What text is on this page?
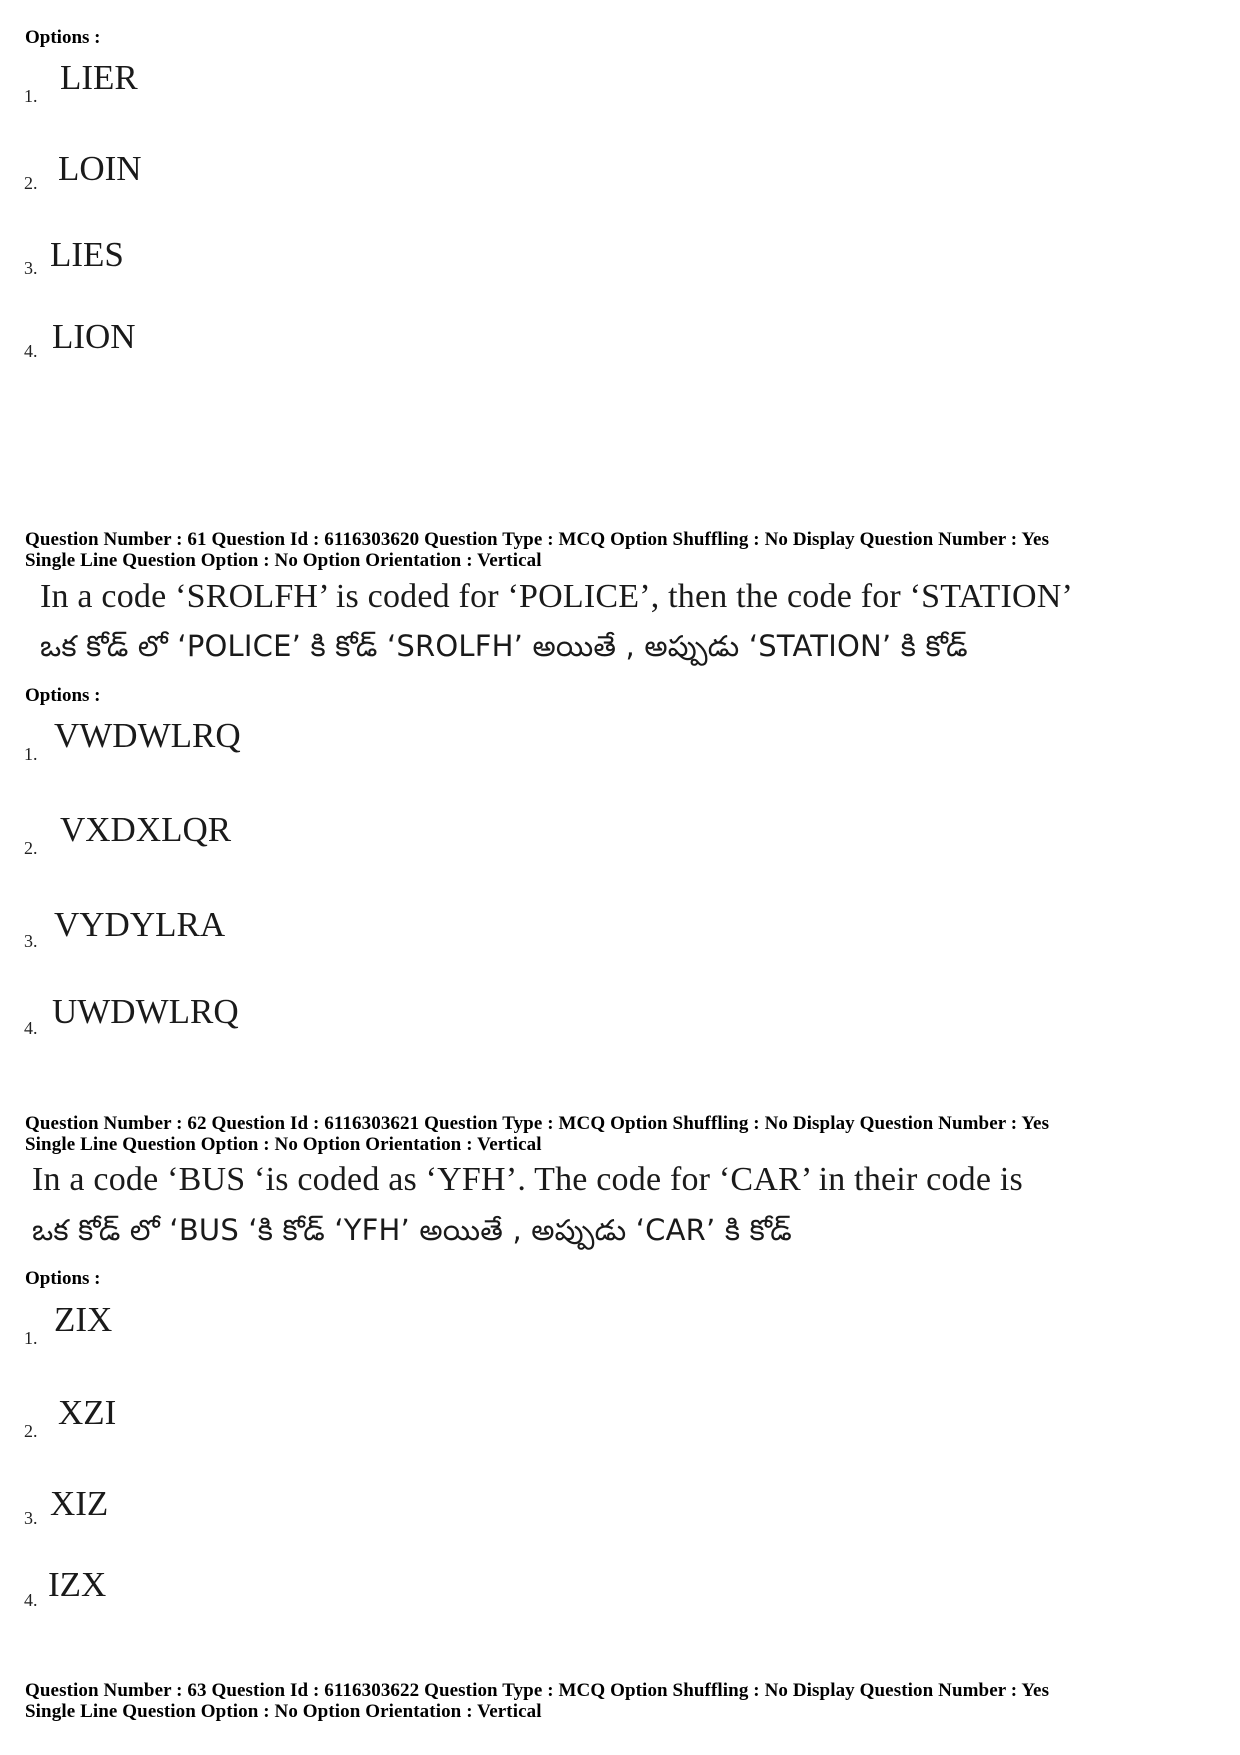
Options :
1. LIER
2. LOIN
3. LIES
4. LION
Question Number : 61 Question Id : 6116303620 Question Type : MCQ Option Shuffling : No Display Question Number : Yes
Single Line Question Option : No Option Orientation : Vertical
In a code ‘SROLFH’ is coded for ‘POLICE’, then the code for ‘STATION’
ఒక కోడ్ లో ‘POLICE’ కి కోడ్ ‘SROLFH’ అయితే , అప్పుడు ‘STATION’ కి కోడ్
Options :
1. VWDWLRQ
2. VXDXLQR
3. VYDYLRA
4. UWDWLRQ
Question Number : 62 Question Id : 6116303621 Question Type : MCQ Option Shuffling : No Display Question Number : Yes
Single Line Question Option : No Option Orientation : Vertical
In a code ‘BUS ‘is coded as ‘YFH’. The code for ‘CAR’ in their code is
ఒక కోడ్ లో ‘BUS ‘కి కోడ్ ‘YFH’ అయితే , అప్పుడు ‘CAR’ కి కోడ్
Options :
1. ZIX
2. XZI
3. XIZ
4. IZX
Question Number : 63 Question Id : 6116303622 Question Type : MCQ Option Shuffling : No Display Question Number : Yes
Single Line Question Option : No Option Orientation : Vertical
